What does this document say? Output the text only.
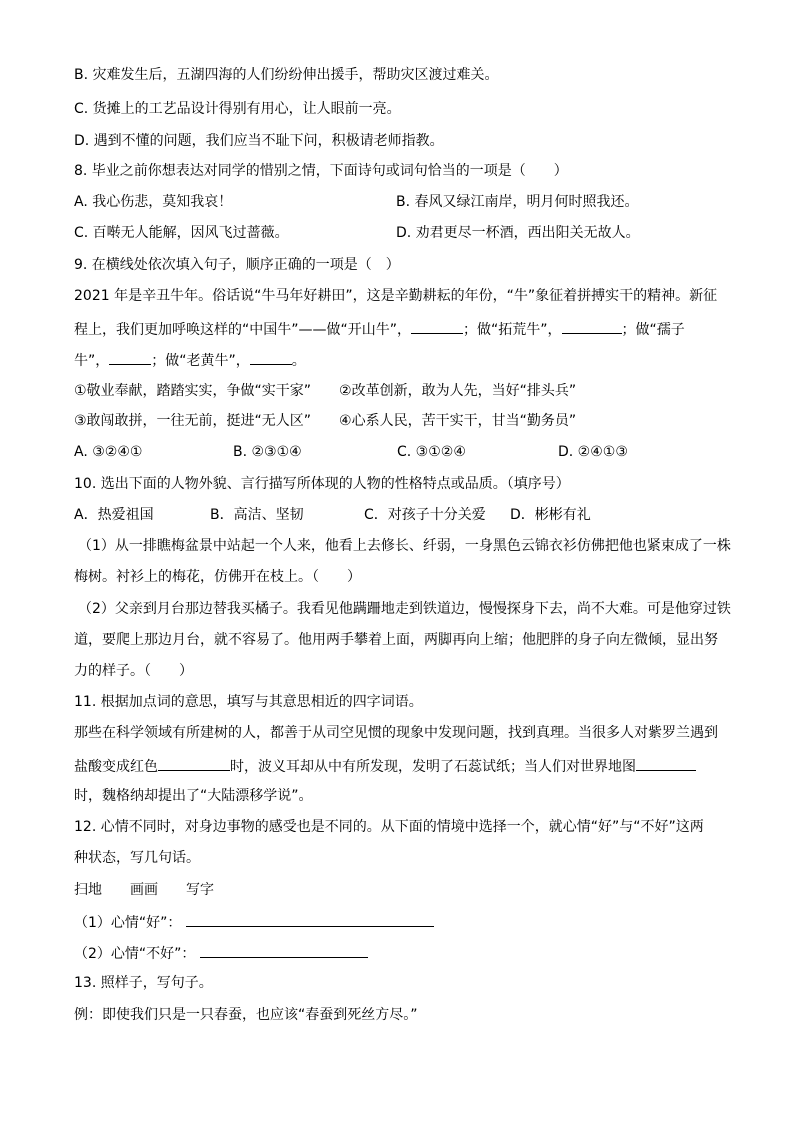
B. 灾难发生后，五湖四海的人们纷纷伸出援手，帮助灾区渡过难关。
C. 货摊上的工艺品设计得别有用心，让人眼前一亮。
D. 遇到不懂的问题，我们应当不耻下问，积极请老师指教。
8. 毕业之前你想表达对同学的惜别之情，下面诗句或词句恰当的一项是（　　）
A. 我心伤悲，莫知我哀！	B. 春风又绿江南岸，明月何时照我还。
C. 百啭无人能解，因风飞过蔷薇。	D. 劝君更尽一杯酒，西出阳关无故人。
9. 在横线处依次填入句子，顺序正确的一项是（　）
2021 年是辛丑牛年。俗话说“牛马年好耕田”，这是辛勤耕耘的年份，“牛”象征着拼搏实干的精神。新征
程上，我们更加呼唤这样的“中国牛”——做“开山牛”，	；做“拓荒牛”，	；做“孺子
牛”，	；做“老黄牛”，	。
①敬业奉献，踏踏实实，争做“实干家”　　②改革创新，敢为人先，当好“排头兵”
③敢闯敢拼，一往无前，挺进“无人区”　　④心系人民，苦干实干，甘当“勤务员”
A. ③②④①	B. ②③①④	C. ③①②④	D. ②④①③
10. 选出下面的人物外貌、言行描写所体现的人物的性格特点或品质。（填序号）
A．热爱祖国	B．高洁、坚韧	C．对孩子十分关爱 D．彬彬有礼
（1）从一排瞧梅盆景中站起一个人来，他看上去修长、纤弱，一身黑色云锦衣衫仿佛把他也紧束成了一株
梅树。衬衫上的梅花，仿佛开在枝上。（　　）
（2）父亲到月台那边替我买橘子。我看见他蹒跚地走到铁道边，慢慢探身下去，尚不大难。可是他穿过铁
道，要爬上那边月台，就不容易了。他用两手攀着上面，两脚再向上缩；他肥胖的身子向左微倾，显出努
力的样子。（　　）
11. 根据加点词的意思，填写与其意思相近的四字词语。
那些在科学领域有所建树的人，都善于从司空见惯的现象中发现问题，找到真理。当很多人对紫罗兰遇到
盐酸变成红色	时，波义耳却从中有所发现，发明了石蕊试纸；当人们对世界地图
时，魏格纳却提出了“大陆漂移学说”。
12. 心情不同时，对身边事物的感受也是不同的。从下面的情境中选择一个，就心情“好”与“不好”这两
种状态，写几句话。
扫地　　画画　　写字
（1）心情“好”：
（2）心情“不好”：
13. 照样子，写句子。
例：即使我们只是一只春蚕，也应该“春蚕到死丝方尽。”
